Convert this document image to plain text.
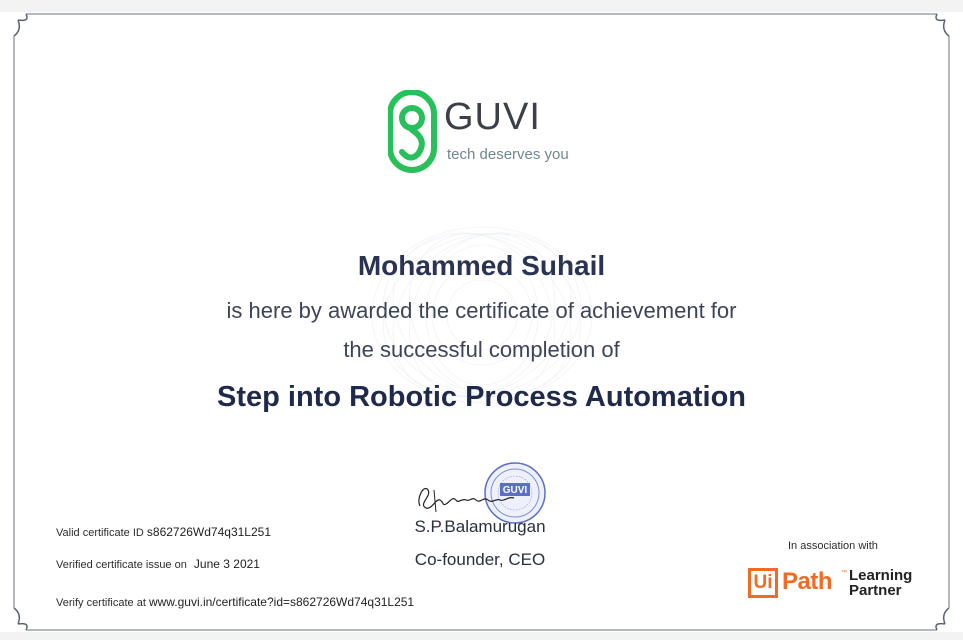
GUVI
tech deserves you
Mohammed Suhail
is here by awarded the certificate of achievement for
the successful completion of
Step into Robotic Process Automation
GUVI
S.P.Balamurugan
Co-founder, CEO
Valid certificate ID s862726Wd74q31L251
Verified certificate issue on June 3 2021
Verify certificate at www.guvi.in/certificate?id=s862726Wd74q31L251
In association with
Ui Path ™ Learning
Partner
